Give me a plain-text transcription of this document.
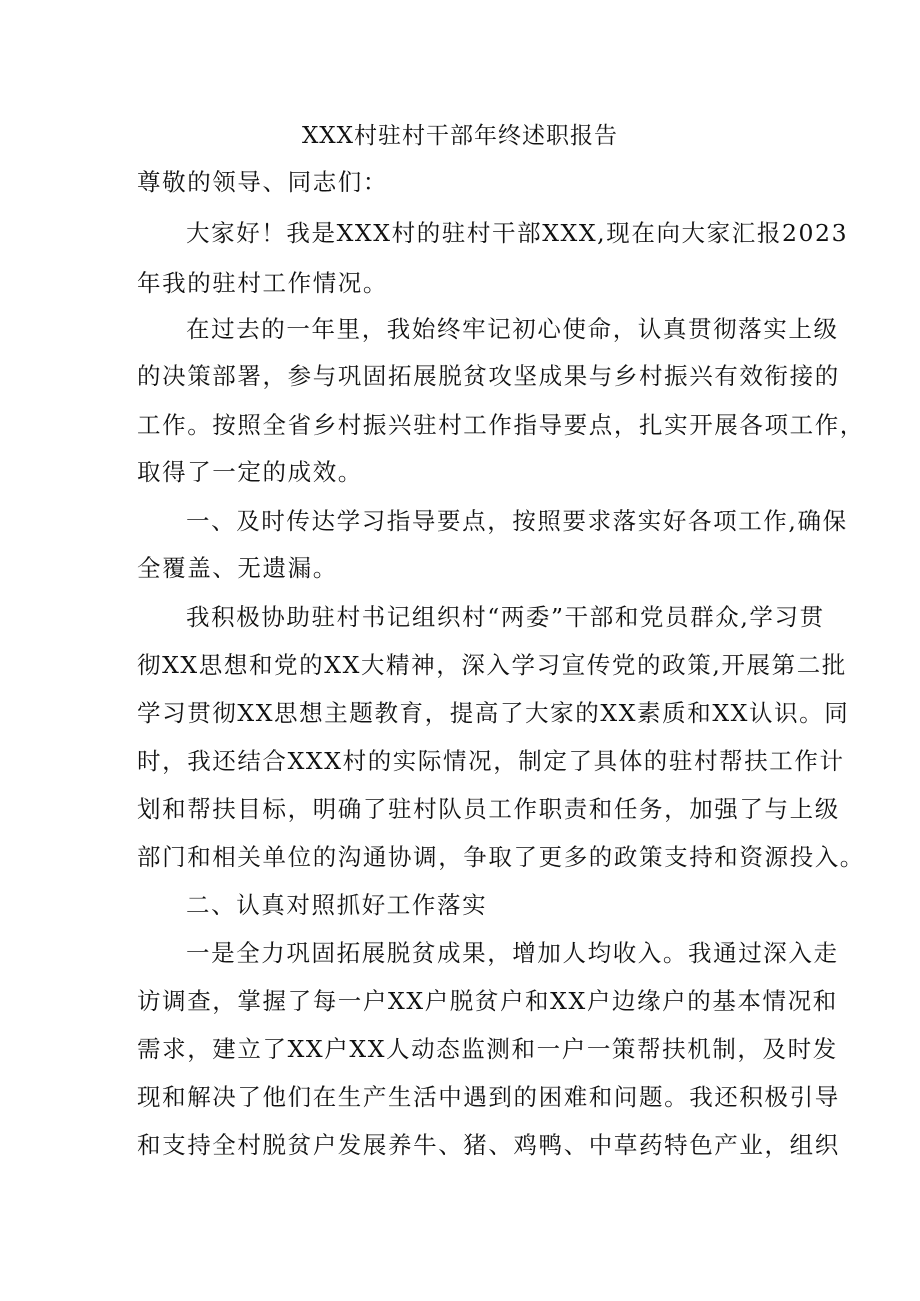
XXX村驻村干部年终述职报告
尊敬的领导、同志们：
大家好！我是XXX村的驻村干部XXX,现在向大家汇报2023
年我的驻村工作情况。
在过去的一年里，我始终牢记初心使命，认真贯彻落实上级
的决策部署，参与巩固拓展脱贫攻坚成果与乡村振兴有效衔接的
工作。按照全省乡村振兴驻村工作指导要点，扎实开展各项工作，
取得了一定的成效。
一、及时传达学习指导要点，按照要求落实好各项工作,确保
全覆盖、无遗漏。
我积极协助驻村书记组织村“两委”干部和党员群众,学习贯
彻XX思想和党的XX大精神，深入学习宣传党的政策,开展第二批
学习贯彻XX思想主题教育，提高了大家的XX素质和XX认识。同
时，我还结合XXX村的实际情况，制定了具体的驻村帮扶工作计
划和帮扶目标，明确了驻村队员工作职责和任务，加强了与上级
部门和相关单位的沟通协调，争取了更多的政策支持和资源投入。
二、认真对照抓好工作落实
一是全力巩固拓展脱贫成果，增加人均收入。我通过深入走
访调查，掌握了每一户XX户脱贫户和XX户边缘户的基本情况和
需求，建立了XX户XX人动态监测和一户一策帮扶机制，及时发
现和解决了他们在生产生活中遇到的困难和问题。我还积极引导
和支持全村脱贫户发展养牛、猪、鸡鸭、中草药特色产业，组织
